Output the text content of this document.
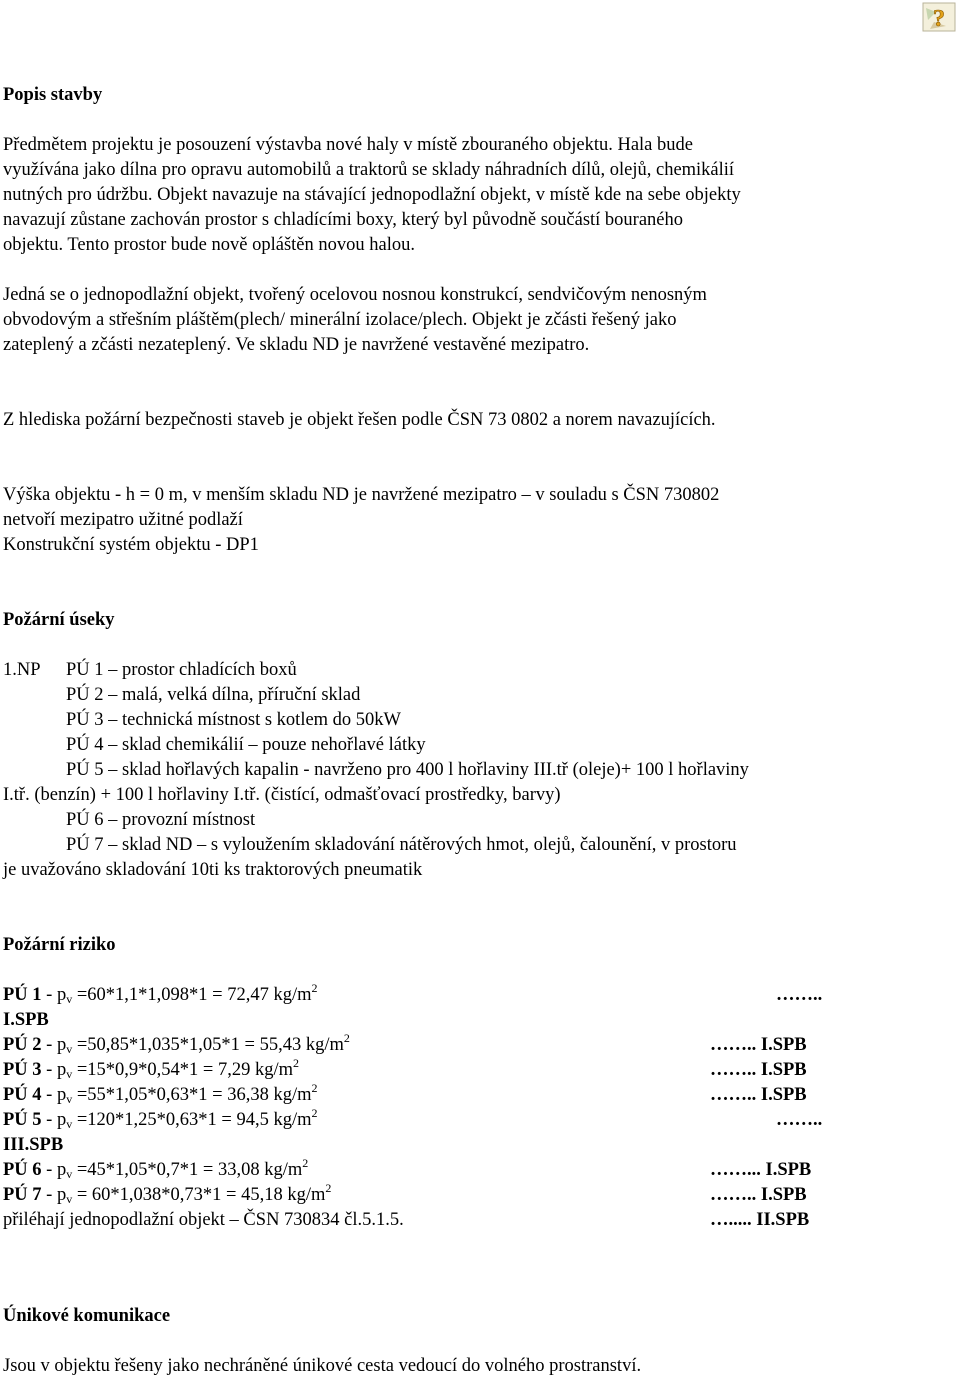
?
Popis stavby
Předmětem projektu je posouzení výstavba nové haly v místě zbouraného objektu. Hala bude
využívána jako dílna pro opravu automobilů a traktorů se sklady náhradních dílů, olejů, chemikálií
nutných pro údržbu. Objekt navazuje na stávající jednopodlažní objekt, v místě kde na sebe objekty
navazují zůstane zachován prostor s chladícími boxy, který byl původně součástí bouraného
objektu. Tento prostor bude nově opláštěn novou halou.
Jedná se o jednopodlažní objekt, tvořený ocelovou nosnou konstrukcí, sendvičovým nenosným
obvodovým a střešním pláštěm(plech/ minerální izolace/plech. Objekt je zčásti řešený jako
zateplený a zčásti nezateplený. Ve skladu ND je navržené vestavěné mezipatro.
Z hlediska požární bezpečnosti staveb je objekt řešen podle ČSN 73 0802 a norem navazujících.
Výška objektu - h = 0 m, v menším skladu ND je navržené mezipatro – v souladu s ČSN 730802
netvoří mezipatro užitné podlaží
Konstrukční systém objektu - DP1
Požární úseky
1.NP PÚ 1 – prostor chladících boxů
PÚ 2 – malá, velká dílna, příruční sklad
PÚ 3 – technická místnost s kotlem do 50kW
PÚ 4 – sklad chemikálií – pouze nehořlavé látky
PÚ 5 – sklad hořlavých kapalin - navrženo pro 400 l hořlaviny III.tř (oleje)+ 100 l hořlaviny
I.tř. (benzín) + 100 l hořlaviny I.tř. (čistící, odmašťovací prostředky, barvy)
PÚ 6 – provozní místnost
PÚ 7 – sklad ND – s vyloužením skladování nátěrových hmot, olejů, čalounění, v prostoru
je uvažováno skladování 10ti ks traktorových pneumatik
Požární riziko
PÚ $1 - p_v =60*1,1*1,098*1 = 72,47$ $kg/m^2$	……..
I.SPB
PÚ $2 - p_v =50,85*1,035*1,05*1 = 55,43$ $kg/m^2$	…….. I.SPB
PÚ $3 - p_v =15*0,9*0,54*1 = 7,29$ $kg/m^2$	…….. I.SPB
PÚ $4 - p_v =55*1,05*0,63*1 = 36,38$ $kg/m^2$	…….. I.SPB
PÚ $5 - p_v =120*1,25*0,63*1 = 94,5$ $kg/m^2$	……..
III.SPB
PÚ $6 - p_v =45*1,05*0,7*1 = 33,08$ $kg/m^2$	……... I.SPB
PÚ $7 - p_v = 60*1,038*0,73*1 = 45,18$ $kg/m^2$	…….. I.SPB
přiléhají jednopodlažní objekt – ČSN 730834 čl.5.1.5.	…..... II.SPB
Únikové komunikace
Jsou v objektu řešeny jako nechráněné únikové cesta vedoucí do volného prostranství.
